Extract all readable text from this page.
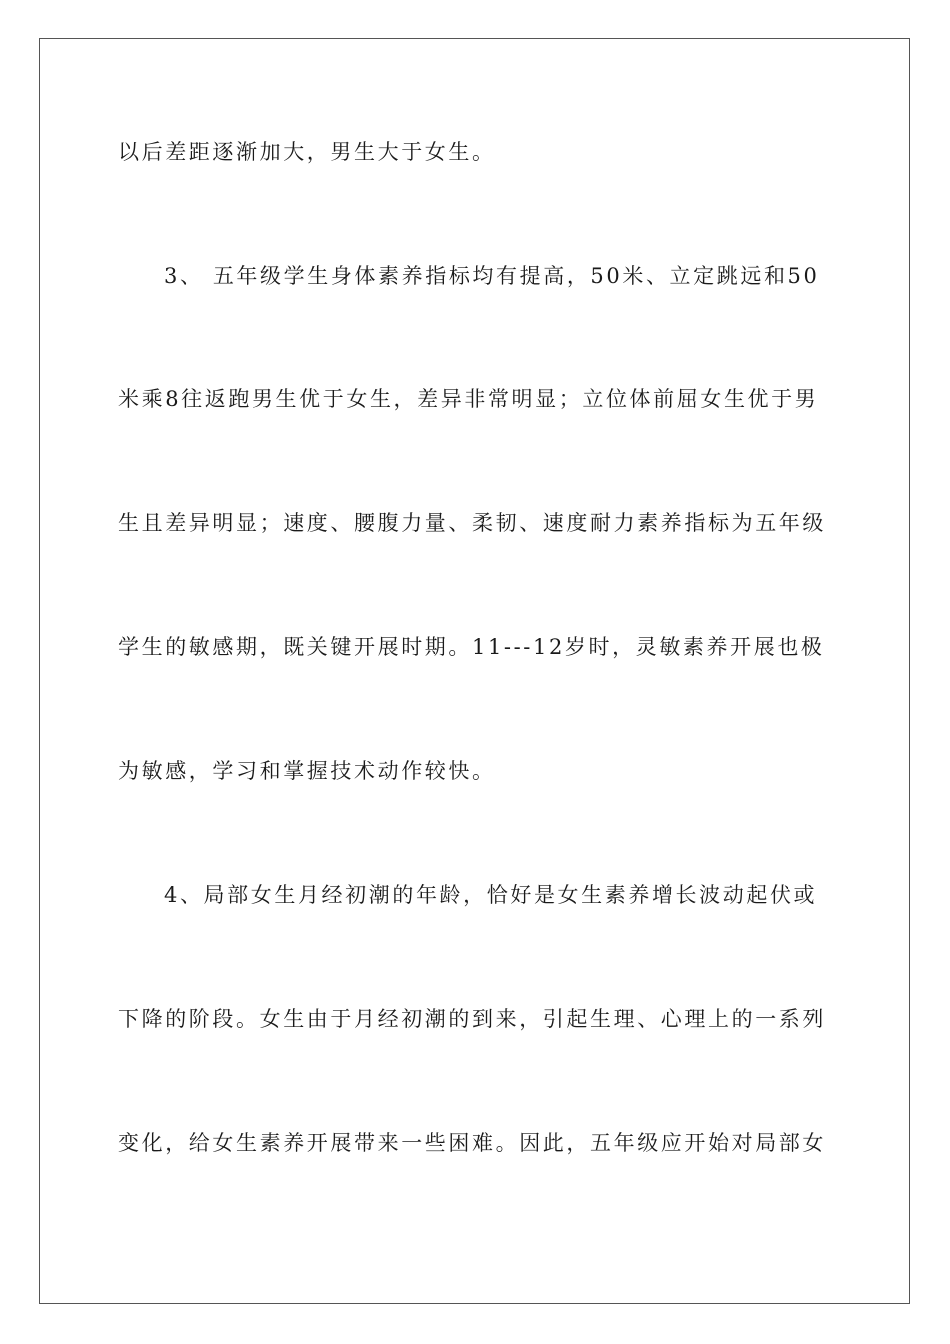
以后差距逐渐加大，男生大于女生。
3、 五年级学生身体素养指标均有提高，50米、立定跳远和50
米乘8往返跑男生优于女生，差异非常明显；立位体前屈女生优于男
生且差异明显；速度、腰腹力量、柔韧、速度耐力素养指标为五年级
学生的敏感期，既关键开展时期。11---12岁时，灵敏素养开展也极
为敏感，学习和掌握技术动作较快。
4、局部女生月经初潮的年龄，恰好是女生素养增长波动起伏或
下降的阶段。女生由于月经初潮的到来，引起生理、心理上的一系列
变化，给女生素养开展带来一些困难。因此，五年级应开始对局部女
